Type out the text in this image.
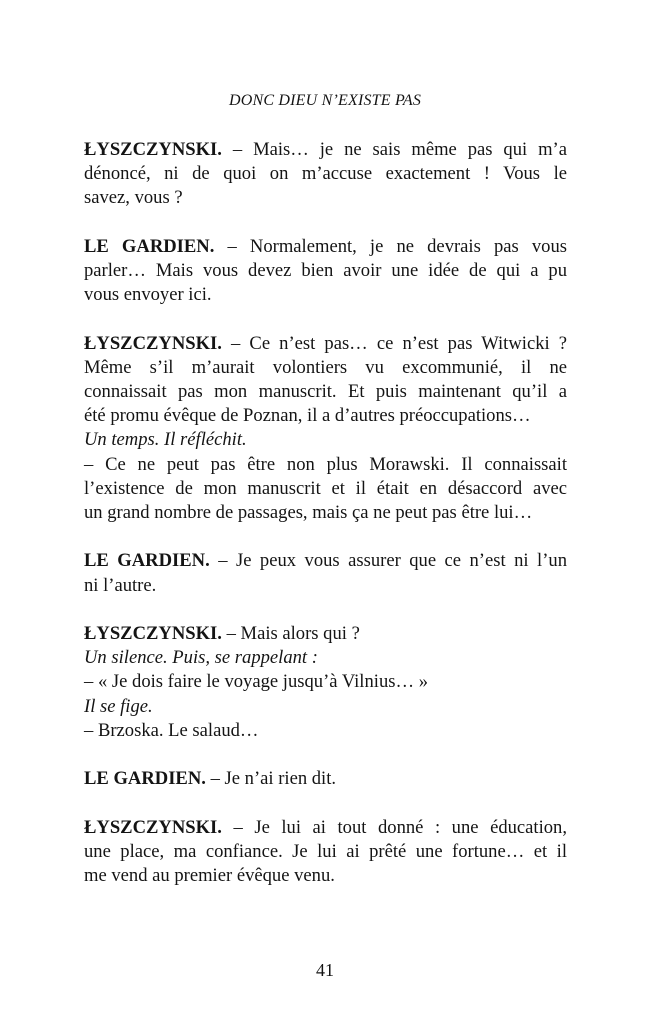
DONC DIEU N’EXISTE PAS
ŁYSZCZYNSKI. – Mais… je ne sais même pas qui m’a
dénoncé, ni de quoi on m’accuse exactement ! Vous le
savez, vous ?
LE GARDIEN. – Normalement, je ne devrais pas vous
parler… Mais vous devez bien avoir une idée de qui a pu
vous envoyer ici.
ŁYSZCZYNSKI. – Ce n’est pas… ce n’est pas Witwicki ?
Même s’il m’aurait volontiers vu excommunié, il ne
connaissait pas mon manuscrit. Et puis maintenant qu’il a
été promu évêque de Poznan, il a d’autres préoccupations…
Un temps. Il réfléchit.
– Ce ne peut pas être non plus Morawski. Il connaissait
l’existence de mon manuscrit et il était en désaccord avec
un grand nombre de passages, mais ça ne peut pas être lui…
LE GARDIEN. – Je peux vous assurer que ce n’est ni l’un
ni l’autre.
ŁYSZCZYNSKI. – Mais alors qui ?
Un silence. Puis, se rappelant :
– « Je dois faire le voyage jusqu’à Vilnius… »
Il se fige.
– Brzoska. Le salaud…
LE GARDIEN. – Je n’ai rien dit.
ŁYSZCZYNSKI. – Je lui ai tout donné : une éducation,
une place, ma confiance. Je lui ai prêté une fortune… et il
me vend au premier évêque venu.
41
